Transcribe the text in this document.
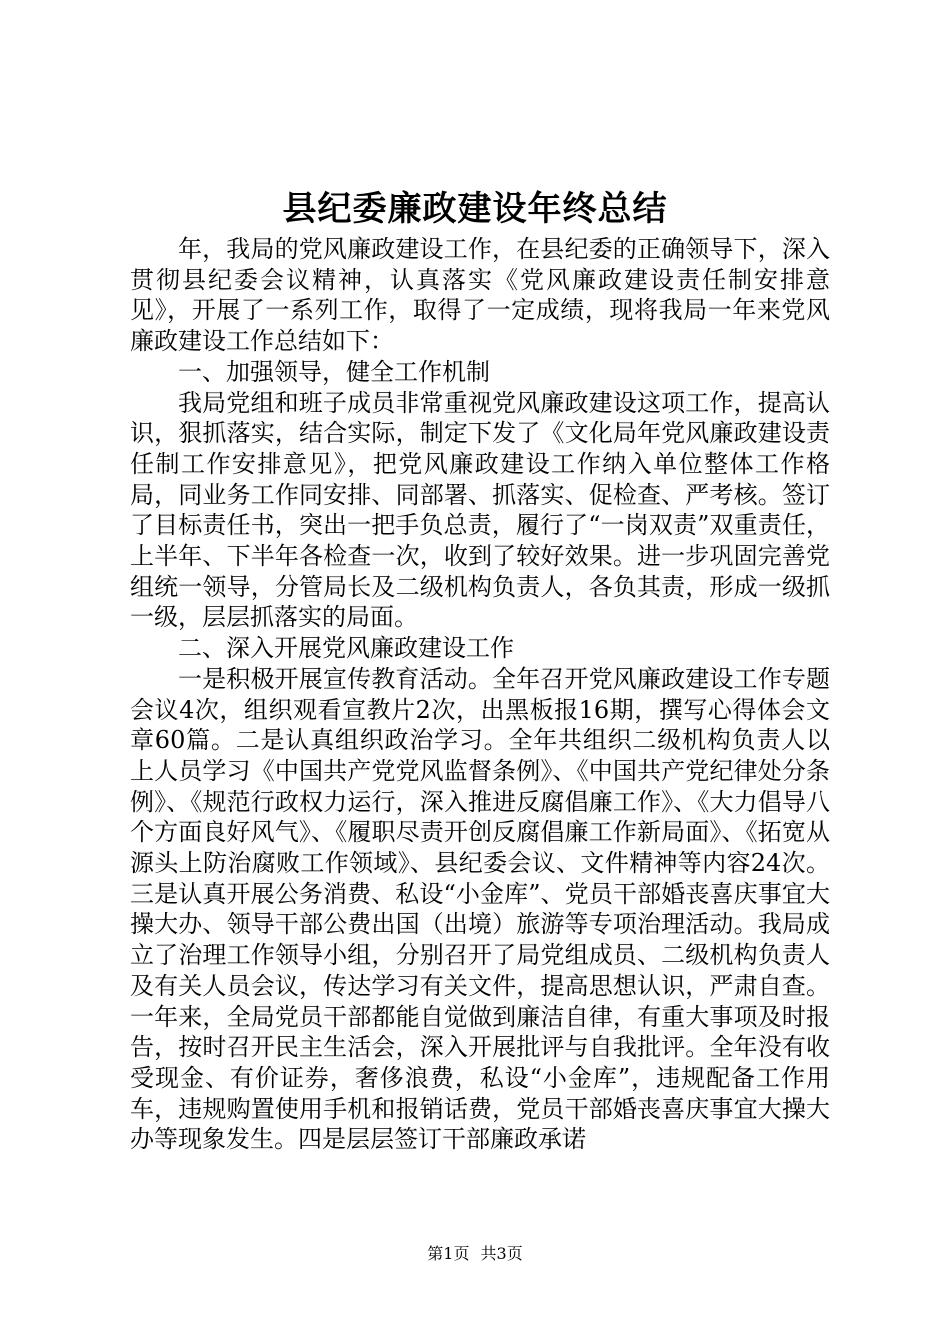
县纪委廉政建设年终总结

年，我局的党风廉政建设工作，在县纪委的正确领导下，深入贯彻县纪委会议精神，认真落实《党风廉政建设责任制安排意见》，开展了一系列工作，取得了一定成绩，现将我局一年来党风廉政建设工作总结如下：

一、加强领导，健全工作机制

我局党组和班子成员非常重视党风廉政建设这项工作，提高认识，狠抓落实，结合实际，制定下发了《文化局年党风廉政建设责任制工作安排意见》，把党风廉政建设工作纳入单位整体工作格局，同业务工作同安排、同部署、抓落实、促检查、严考核。签订了目标责任书，突出一把手负总责，履行了“一岗双责”双重责任，上半年、下半年各检查一次，收到了较好效果。进一步巩固完善党组统一领导，分管局长及二级机构负责人，各负其责，形成一级抓一级，层层抓落实的局面。

二、深入开展党风廉政建设工作

一是积极开展宣传教育活动。全年召开党风廉政建设工作专题会议4次，组织观看宣教片2次，出黑板报16期，撰写心得体会文章60篇。二是认真组织政治学习。全年共组织二级机构负责人以上人员学习《中国共产党党风监督条例》、《中国共产党纪律处分条例》、《规范行政权力运行，深入推进反腐倡廉工作》、《大力倡导八个方面良好风气》、《履职尽责开创反腐倡廉工作新局面》、《拓宽从源头上防治腐败工作领域》、县纪委会议、文件精神等内容24次。三是认真开展公务消费、私设“小金库”、党员干部婚丧喜庆事宜大操大办、领导干部公费出国（出境）旅游等专项治理活动。我局成立了治理工作领导小组，分别召开了局党组成员、二级机构负责人及有关人员会议，传达学习有关文件，提高思想认识，严肃自查。一年来，全局党员干部都能自觉做到廉洁自律，有重大事项及时报告，按时召开民主生活会，深入开展批评与自我批评。全年没有收受现金、有价证券，奢侈浪费，私设“小金库”，违规配备工作用车，违规购置使用手机和报销话费，党员干部婚丧喜庆事宜大操大办等现象发生。四是层层签订干部廉政承诺

第1页 共3页
